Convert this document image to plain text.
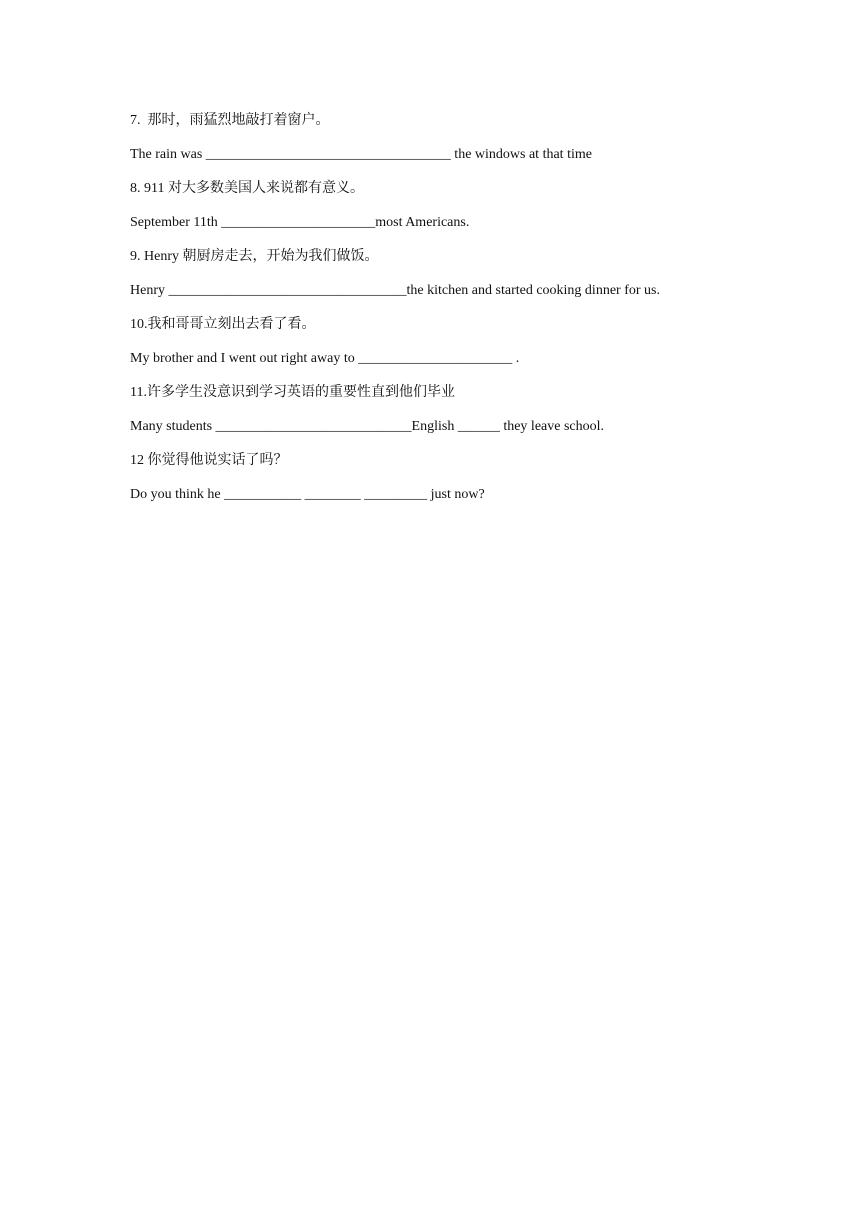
7.  那时，雨猛烈地敲打着窗户。

The rain was ___________________________________ the windows at that time

8. 911 对大多数美国人来说都有意义。

September 11th ______________________most Americans.

9. Henry 朝厨房走去，开始为我们做饭。

Henry __________________________________the kitchen and started cooking dinner for us.

10.我和哥哥立刻出去看了看。

My brother and I went out right away to ______________________ .

11.许多学生没意识到学习英语的重要性直到他们毕业

Many students ____________________________English ______ they leave school.

12 你觉得他说实话了吗？

Do you think he ___________ ________ _________ just now?
